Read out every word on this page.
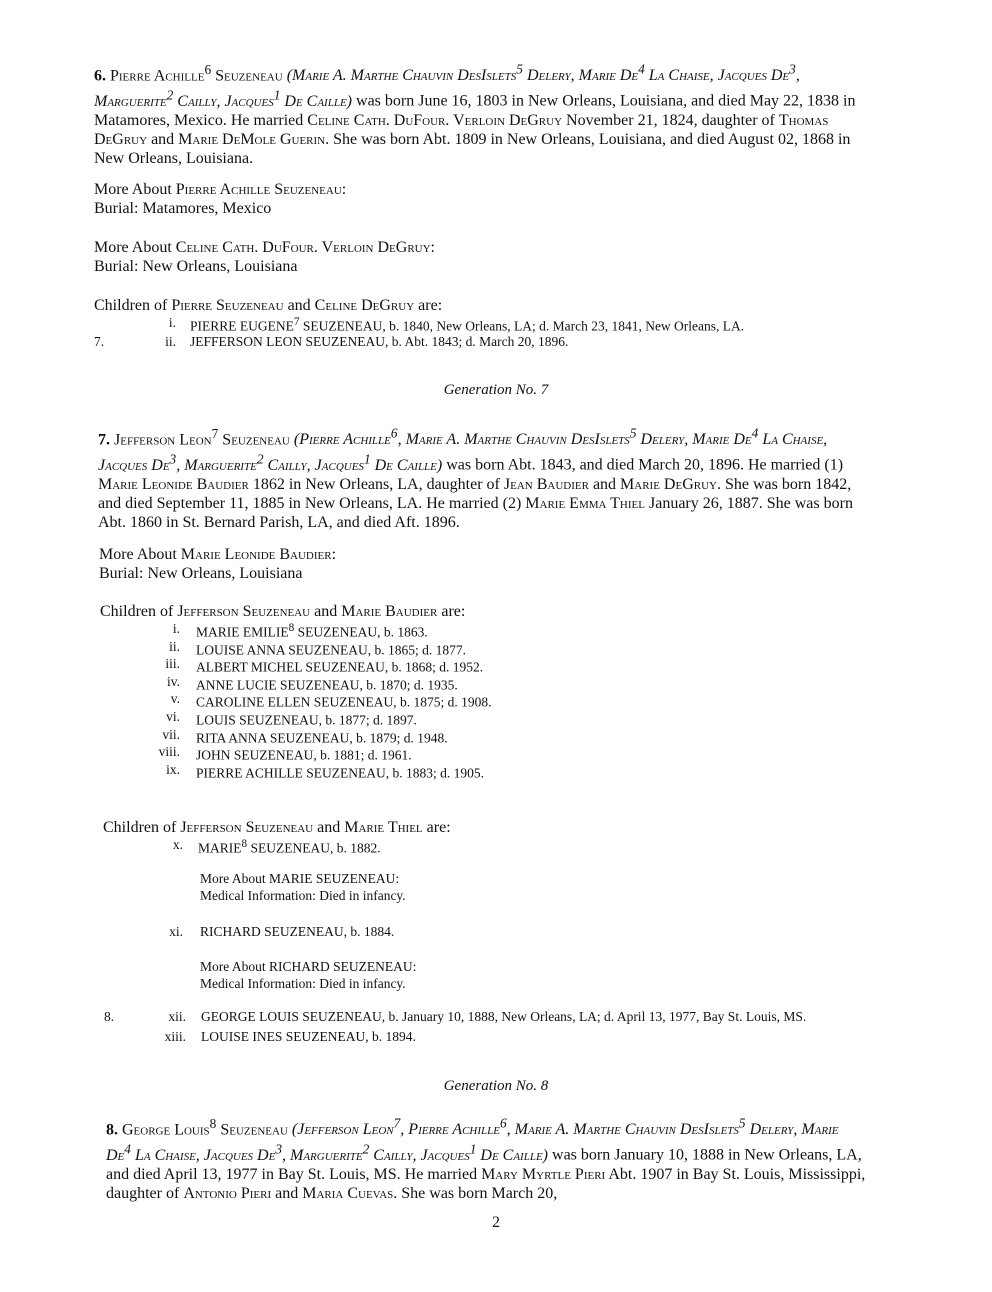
6. Pierre Achille$^6$ Seuzeneau (Marie A. Marthe Chauvin DesIslets$^5$ Delery, Marie De$^4$ La Chaise, Jacques De$^3$, Marguerite$^2$ Cailly, Jacques$^1$ De Caille) was born June 16, 1803 in New Orleans, Louisiana, and died May 22, 1838 in Matamores, Mexico. He married Celine Cath. DuFour. Verloin DeGruy November 21, 1824, daughter of Thomas DeGruy and Marie DeMole Guerin. She was born Abt. 1809 in New Orleans, Louisiana, and died August 02, 1868 in New Orleans, Louisiana.
More About Pierre Achille Seuzeneau:
Burial: Matamores, Mexico
More About Celine Cath. DuFour. Verloin DeGruy:
Burial: New Orleans, Louisiana
Children of Pierre Seuzeneau and Celine DeGruy are:
i. PIERRE EUGENE$^7$ SEUZENEAU, b. 1840, New Orleans, LA; d. March 23, 1841, New Orleans, LA.
7.	ii. JEFFERSON LEON SEUZENEAU, b. Abt. 1843; d. March 20, 1896.
Generation No. 7
7. Jefferson Leon$^7$ Seuzeneau (Pierre Achille$^6$, Marie A. Marthe Chauvin DesIslets$^5$ Delery, Marie De$^4$ La Chaise, Jacques De$^3$, Marguerite$^2$ Cailly, Jacques$^1$ De Caille) was born Abt. 1843, and died March 20, 1896. He married (1) Marie Leonide Baudier 1862 in New Orleans, LA, daughter of Jean Baudier and Marie DeGruy. She was born 1842, and died September 11, 1885 in New Orleans, LA. He married (2) Marie Emma Thiel January 26, 1887. She was born Abt. 1860 in St. Bernard Parish, LA, and died Aft. 1896.
More About Marie Leonide Baudier:
Burial: New Orleans, Louisiana
Children of Jefferson Seuzeneau and Marie Baudier are:
i. MARIE EMILIE$^8$ SEUZENEAU, b. 1863.
ii. LOUISE ANNA SEUZENEAU, b. 1865; d. 1877.
iii. ALBERT MICHEL SEUZENEAU, b. 1868; d. 1952.
iv. ANNE LUCIE SEUZENEAU, b. 1870; d. 1935.
v. CAROLINE ELLEN SEUZENEAU, b. 1875; d. 1908.
vi. LOUIS SEUZENEAU, b. 1877; d. 1897.
vii. RITA ANNA SEUZENEAU, b. 1879; d. 1948.
viii. JOHN SEUZENEAU, b. 1881; d. 1961.
ix. PIERRE ACHILLE SEUZENEAU, b. 1883; d. 1905.
Children of Jefferson Seuzeneau and Marie Thiel are:
x. MARIE$^8$ SEUZENEAU, b. 1882.
More About MARIE SEUZENEAU:
Medical Information: Died in infancy.
xi. RICHARD SEUZENEAU, b. 1884.
More About RICHARD SEUZENEAU:
Medical Information: Died in infancy.
8.	xii. GEORGE LOUIS SEUZENEAU, b. January 10, 1888, New Orleans, LA; d. April 13, 1977, Bay St. Louis, MS.
xiii. LOUISE INES SEUZENEAU, b. 1894.
Generation No. 8
8. George Louis$^8$ Seuzeneau (Jefferson Leon$^7$, Pierre Achille$^6$, Marie A. Marthe Chauvin DesIslets$^5$ Delery, Marie De$^4$ La Chaise, Jacques De$^3$, Marguerite$^2$ Cailly, Jacques$^1$ De Caille) was born January 10, 1888 in New Orleans, LA, and died April 13, 1977 in Bay St. Louis, MS. He married Mary Myrtle Pieri Abt. 1907 in Bay St. Louis, Mississippi, daughter of Antonio Pieri and Maria Cuevas. She was born March 20,
2
